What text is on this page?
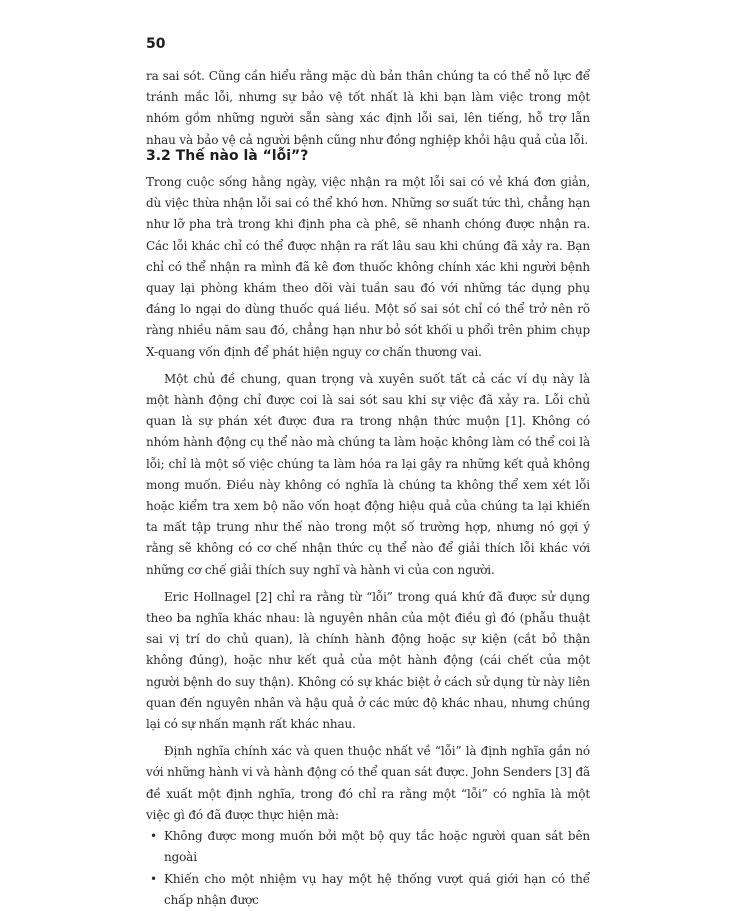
50

ra sai sót. Cũng cần hiểu rằng mặc dù bản thân chúng ta có thể nỗ lực để tránh mắc lỗi, nhưng sự bảo vệ tốt nhất là khi bạn làm việc trong một nhóm gồm những người sẵn sàng xác định lỗi sai, lên tiếng, hỗ trợ lẫn nhau và bảo vệ cả người bệnh cũng như đồng nghiệp khỏi hậu quả của lỗi.

3.2 Thế nào là “lỗi”?

Trong cuộc sống hằng ngày, việc nhận ra một lỗi sai có vẻ khá đơn giản, dù việc thừa nhận lỗi sai có thể khó hơn. Những sơ suất tức thì, chẳng hạn như lỡ pha trà trong khi định pha cà phê, sẽ nhanh chóng được nhận ra. Các lỗi khác chỉ có thể được nhận ra rất lâu sau khi chúng đã xảy ra. Bạn chỉ có thể nhận ra mình đã kê đơn thuốc không chính xác khi người bệnh quay lại phòng khám theo dõi vài tuần sau đó với những tác dụng phụ đáng lo ngại do dùng thuốc quá liều. Một số sai sót chỉ có thể trở nên rõ ràng nhiều năm sau đó, chẳng hạn như bỏ sót khối u phổi trên phim chụp X-quang vốn định để phát hiện nguy cơ chấn thương vai.

Một chủ đề chung, quan trọng và xuyên suốt tất cả các ví dụ này là một hành động chỉ được coi là sai sót sau khi sự việc đã xảy ra. Lỗi chủ quan là sự phán xét được đưa ra trong nhận thức muộn [1]. Không có nhóm hành động cụ thể nào mà chúng ta làm hoặc không làm có thể coi là lỗi; chỉ là một số việc chúng ta làm hóa ra lại gây ra những kết quả không mong muốn. Điều này không có nghĩa là chúng ta không thể xem xét lỗi hoặc kiểm tra xem bộ não vốn hoạt động hiệu quả của chúng ta lại khiến ta mất tập trung như thế nào trong một số trường hợp, nhưng nó gợi ý rằng sẽ không có cơ chế nhận thức cụ thể nào để giải thích lỗi khác với những cơ chế giải thích suy nghĩ và hành vi của con người.

Eric Hollnagel [2] chỉ ra rằng từ “lỗi” trong quá khứ đã được sử dụng theo ba nghĩa khác nhau: là nguyên nhân của một điều gì đó (phẫu thuật sai vị trí do chủ quan), là chính hành động hoặc sự kiện (cắt bỏ thận không đúng), hoặc như kết quả của một hành động (cái chết của một người bệnh do suy thận). Không có sự khác biệt ở cách sử dụng từ này liên quan đến nguyên nhân và hậu quả ở các mức độ khác nhau, nhưng chúng lại có sự nhấn mạnh rất khác nhau.

Định nghĩa chính xác và quen thuộc nhất về “lỗi” là định nghĩa gắn nó với những hành vi và hành động có thể quan sát được. John Senders [3] đã đề xuất một định nghĩa, trong đó chỉ ra rằng một “lỗi” có nghĩa là một việc gì đó đã được thực hiện mà:

• Không được mong muốn bởi một bộ quy tắc hoặc người quan sát bên ngoài
• Khiến cho một nhiệm vụ hay một hệ thống vượt quá giới hạn có thể chấp nhận được
